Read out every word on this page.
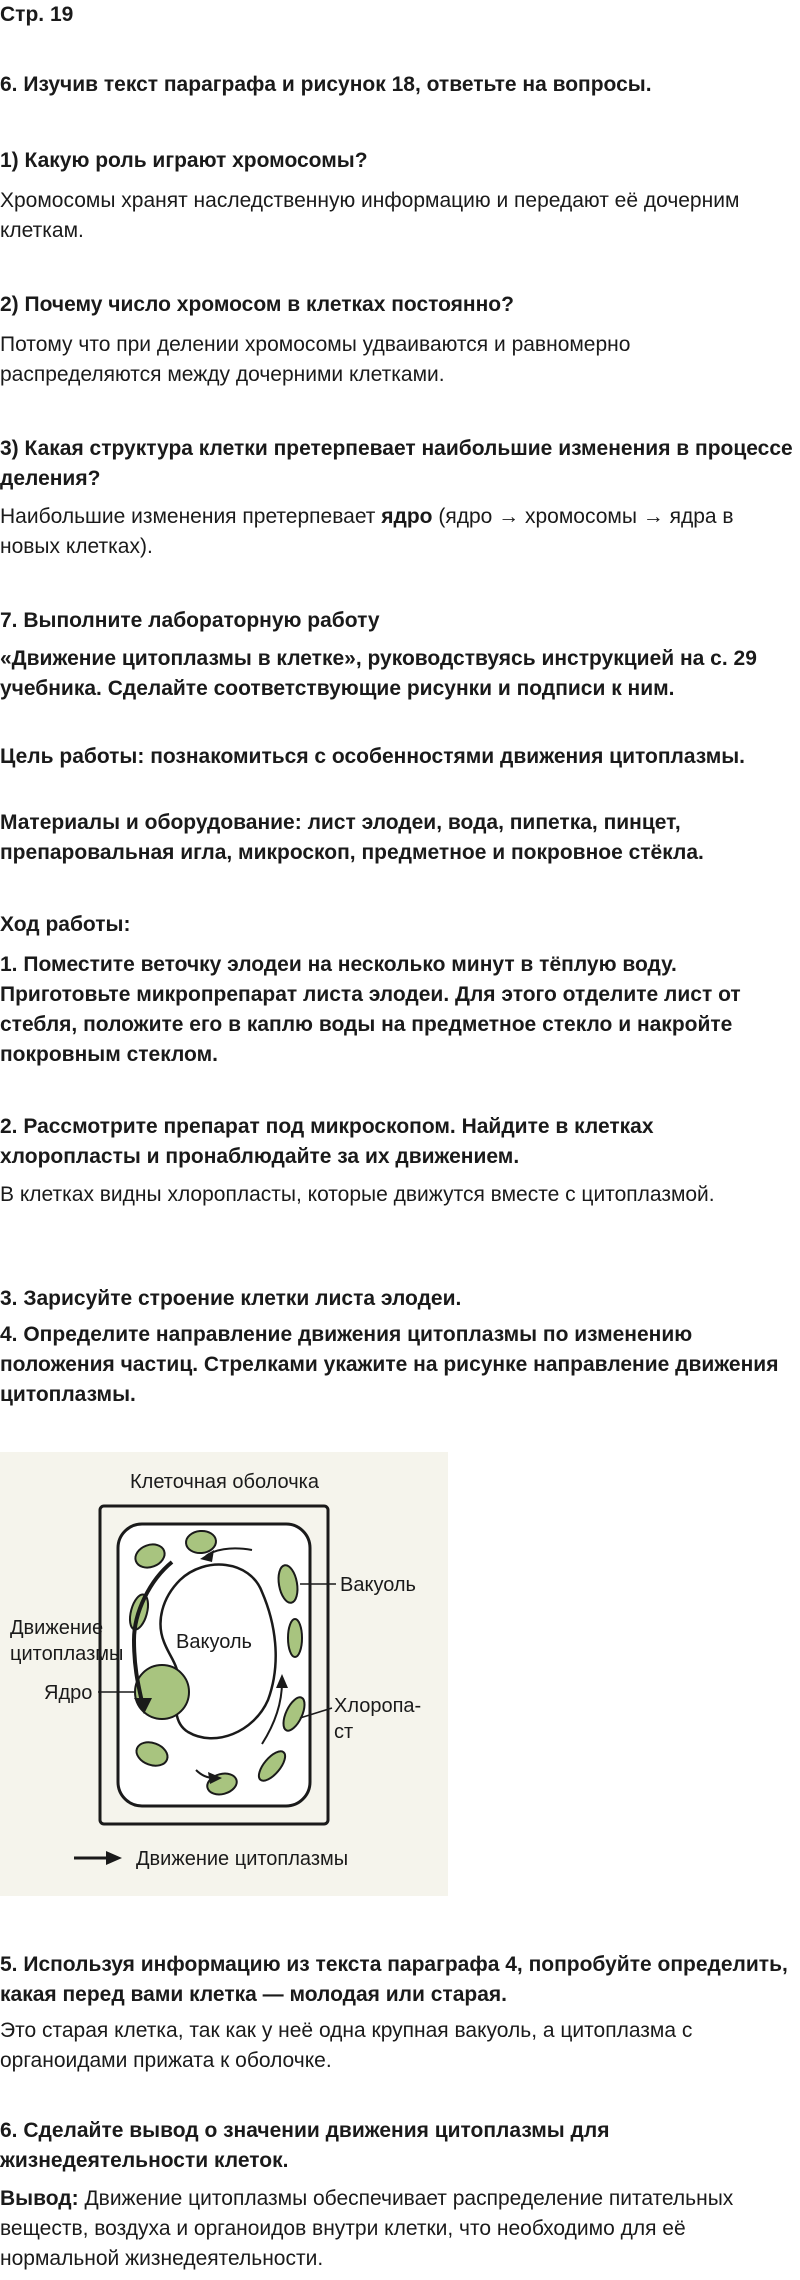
Стр. 19

6. Изучив текст параграфа и рисунок 18, ответьте на вопросы.

1) Какую роль играют хромосомы?

Хромосомы хранят наследственную информацию и передают её дочерним клеткам.

2) Почему число хромосом в клетках постоянно?

Потому что при делении хромосомы удваиваются и равномерно распределяются между дочерними клетками.

3) Какая структура клетки претерпевает наибольшие изменения в процессе деления?

Наибольшие изменения претерпевает ядро (ядро → хромосомы → ядра в новых клетках).

7. Выполните лабораторную работу

«Движение цитоплазмы в клетке», руководствуясь инструкцией на с. 29 учебника. Сделайте соответствующие рисунки и подписи к ним.

Цель работы: познакомиться с особенностями движения цитоплазмы.

Материалы и оборудование: лист элодеи, вода, пипетка, пинцет, препаровальная игла, микроскоп, предметное и покровное стёкла.

Ход работы:

1. Поместите веточку элодеи на несколько минут в тёплую воду. Приготовьте микропрепарат листа элодеи. Для этого отделите лист от стебля, положите его в каплю воды на предметное стекло и накройте покровным стеклом.

2. Рассмотрите препарат под микроскопом. Найдите в клетках хлоропласты и пронаблюдайте за их движением.

В клетках видны хлоропласты, которые движутся вместе с цитоплазмой.

3. Зарисуйте строение клетки листа элодеи.

4. Определите направление движения цитоплазмы по изменению положения частиц. Стрелками укажите на рисунке направление движения цитоплазмы.

Клеточная оболочка
Вакуоль
Вакуоль
Движение
цитоплазмы
Ядро
Хлоропа-
ст
Движение цитоплазмы

5. Используя информацию из текста параграфа 4, попробуйте определить, какая перед вами клетка — молодая или старая.

Это старая клетка, так как у неё одна крупная вакуоль, а цитоплазма с органоидами прижата к оболочке.

6. Сделайте вывод о значении движения цитоплазмы для жизнедеятельности клеток.

Вывод: Движение цитоплазмы обеспечивает распределение питательных веществ, воздуха и органоидов внутри клетки, что необходимо для её нормальной жизнедеятельности.
